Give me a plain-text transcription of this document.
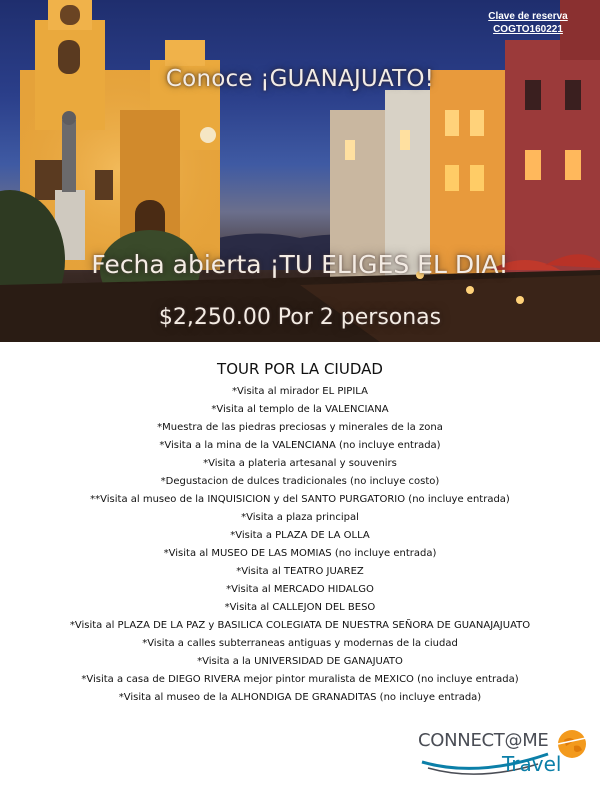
Clave de reserva
COGTO160221
Conoce ¡GUANAJUATO!
Fecha abierta ¡TU ELIGES EL DIA!
$2,250.00 Por 2 personas
TOUR POR LA CIUDAD
*Visita al mirador EL PIPILA
*Visita al templo de la VALENCIANA
*Muestra de las piedras preciosas y minerales de la zona
*Visita a la mina de la VALENCIANA (no incluye entrada)
*Visita a plateria artesanal y souvenirs
*Degustacion de dulces tradicionales (no incluye costo)
**Visita al museo de la INQUISICION y del SANTO PURGATORIO (no incluye entrada)
*Visita a plaza principal
*Visita a PLAZA DE LA OLLA
*Visita al MUSEO DE LAS MOMIAS (no incluye entrada)
*Visita al TEATRO JUAREZ
*Visita al MERCADO HIDALGO
*Visita al CALLEJON DEL BESO
*Visita al PLAZA DE LA PAZ y BASILICA COLEGIATA DE NUESTRA SEÑORA DE GUANAJAJUATO
*Visita a calles subterraneas antiguas y modernas de la ciudad
*Visita a la UNIVERSIDAD DE GANAJUATO
*Visita a casa de DIEGO RIVERA mejor pintor muralista de MEXICO (no incluye entrada)
*Visita al museo de la ALHONDIGA DE GRANADITAS (no incluye entrada)
CONNECT@ME
Travel
